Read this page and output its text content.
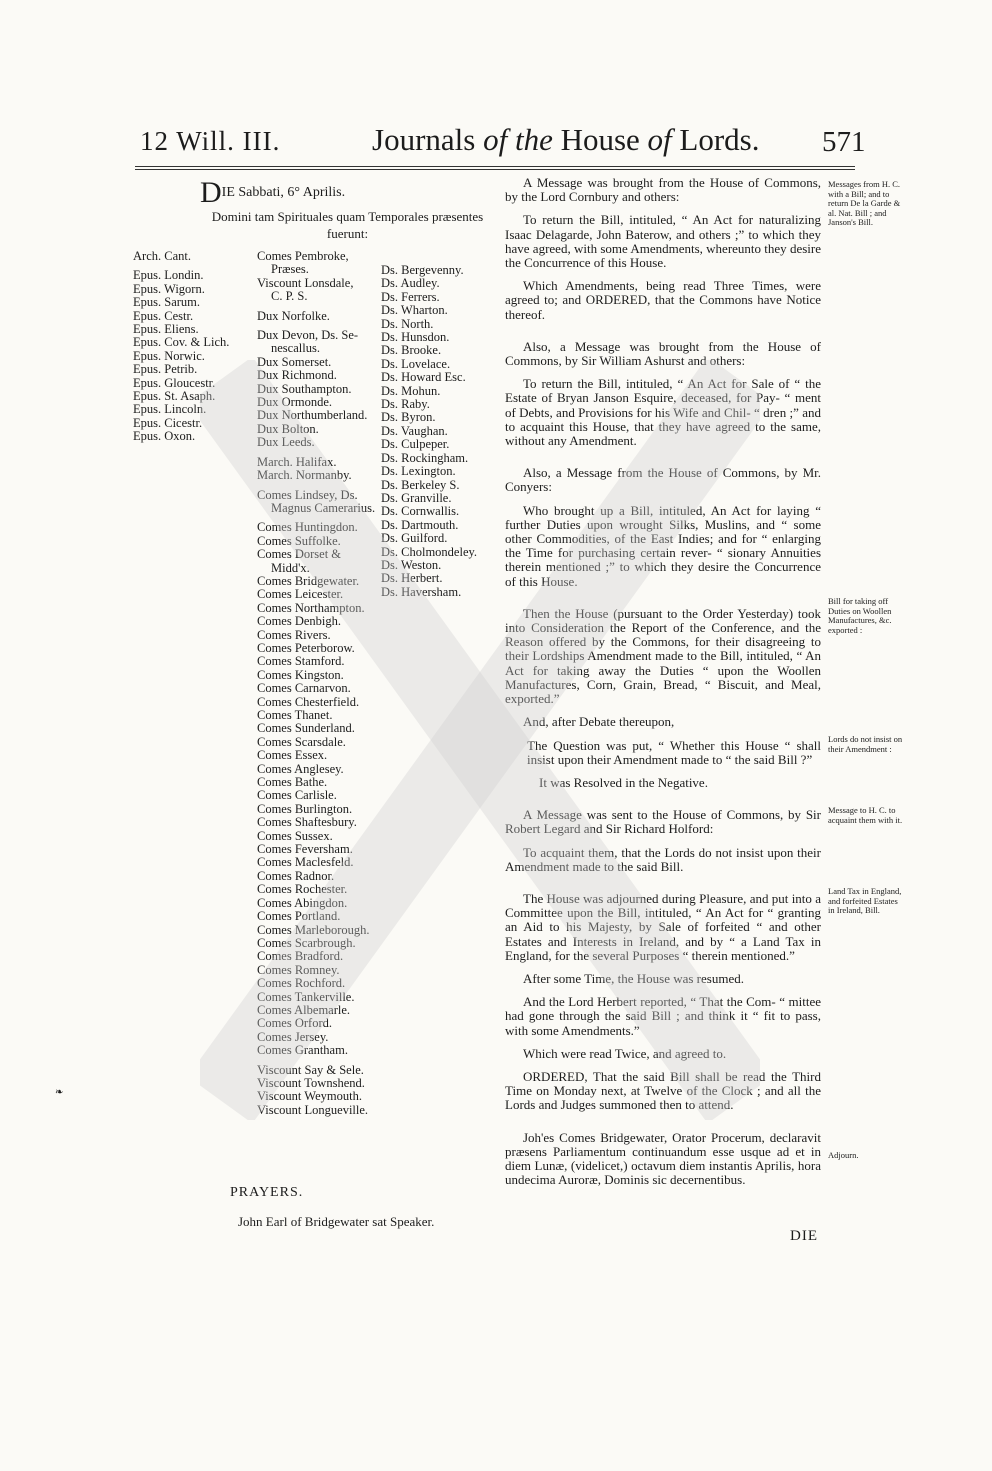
12 Will. III.	Journals of the House of Lords. 571
DIE Sabbati, 6° Aprilis.
Domini tam Spirituales quam Temporales præsentes fuerunt:
Arch. Cant.
Epus. Londin.
Epus. Wigorn.
Epus. Sarum.
Epus. Cestr.
Epus. Eliens.
Epus. Cov. & Lich.
Epus. Norwic.
Epus. Petrib.
Epus. Gloucestr.
Epus. St. Asaph.
Epus. Lincoln.
Epus. Cicestr.
Epus. Oxon.
Comes Pembroke,
Præses.
Viscount Lonsdale,
C. P. S.
Dux Norfolke.
Dux Devon, Ds. Se-
nescallus.
Dux Somerset.
Dux Richmond.
Dux Southampton.
Dux Ormonde.
Dux Northumberland.
Dux Bolton.
Dux Leeds.
March. Halifax.
March. Normanby.
Comes Lindsey, Ds.
Magnus Camerarius.
Comes Huntingdon.
Comes Suffolke.
Comes Dorset &
Midd'x.
Comes Bridgewater.
Comes Leicester.
Comes Northampton.
Comes Denbigh.
Comes Rivers.
Comes Peterborow.
Comes Stamford.
Comes Kingston.
Comes Carnarvon.
Comes Chesterfield.
Comes Thanet.
Comes Sunderland.
Comes Scarsdale.
Comes Essex.
Comes Anglesey.
Comes Bathe.
Comes Carlisle.
Comes Burlington.
Comes Shaftesbury.
Comes Sussex.
Comes Feversham.
Comes Maclesfeld.
Comes Radnor.
Comes Rochester.
Comes Abingdon.
Comes Portland.
Comes Marleborough.
Comes Scarbrough.
Comes Bradford.
Comes Romney.
Comes Rochford.
Comes Tankerville.
Comes Albemarle.
Comes Orford.
Comes Jersey.
Comes Grantham.
Viscount Say & Sele.
Viscount Townshend.
Viscount Weymouth.
Viscount Longueville.
Ds. Bergevenny.
Ds. Audley.
Ds. Ferrers.
Ds. Wharton.
Ds. North.
Ds. Hunsdon.
Ds. Brooke.
Ds. Lovelace.
Ds. Howard Esc.
Ds. Mohun.
Ds. Raby.
Ds. Byron.
Ds. Vaughan.
Ds. Culpeper.
Ds. Rockingham.
Ds. Lexington.
Ds. Berkeley S.
Ds. Granville.
Ds. Cornwallis.
Ds. Dartmouth.
Ds. Guilford.
Ds. Cholmondeley.
Ds. Weston.
Ds. Herbert.
Ds. Haversham.
PRAYERS.
John Earl of Bridgewater sat Speaker.

A Message was brought from the House of Commons, by the Lord Cornbury and others:

To return the Bill, intituled, “ An Act for naturalizing Isaac Delagarde, John Baterow, and others ;” to which they have agreed, with some Amendments, whereunto they desire the Concurrence of this House.

Which Amendments, being read Three Times, were agreed to; and ORDERED, that the Commons have Notice thereof.

Also, a Message was brought from the House of Commons, by Sir William Ashurst and others:

To return the Bill, intituled, “ An Act for Sale of “ the Estate of Bryan Janson Esquire, deceased, for Pay- “ ment of Debts, and Provisions for his Wife and Chil- “ dren ;” and to acquaint this House, that they have agreed to the same, without any Amendment.

Also, a Message from the House of Commons, by Mr. Conyers:

Who brought up a Bill, intituled, An Act for laying “ further Duties upon wrought Silks, Muslins, and “ some other Commodities, of the East Indies; and for “ enlarging the Time for purchasing certain rever- “ sionary Annuities therein mentioned ;” to which they desire the Concurrence of this House.

Then the House (pursuant to the Order Yesterday) took into Consideration the Report of the Conference, and the Reason offered by the Commons, for their disagreeing to their Lordships Amendment made to the Bill, intituled, “ An Act for taking away the Duties “ upon the Woollen Manufactures, Corn, Grain, Bread, “ Biscuit, and Meal, exported.”

And, after Debate thereupon,

The Question was put, “ Whether this House “ shall insist upon their Amendment made to “ the said Bill ?”

It was Resolved in the Negative.

A Message was sent to the House of Commons, by Sir Robert Legard and Sir Richard Holford:

To acquaint them, that the Lords do not insist upon their Amendment made to the said Bill.

The House was adjourned during Pleasure, and put into a Committee upon the Bill, intituled, “ An Act for “ granting an Aid to his Majesty, by Sale of forfeited “ and other Estates and Interests in Ireland, and by “ a Land Tax in England, for the several Purposes “ therein mentioned.”

After some Time, the House was resumed.

And the Lord Herbert reported, “ That the Com- “ mittee had gone through the said Bill ; and think it “ fit to pass, with some Amendments.”

Which were read Twice, and agreed to.

ORDERED, That the said Bill shall be read the Third Time on Monday next, at Twelve of the Clock ; and all the Lords and Judges summoned then to attend.

Joh'es Comes Bridgewater, Orator Procerum, declaravit præsens Parliamentum continuandum esse usque ad et in diem Lunæ, (videlicet,) octavum diem instantis Aprilis, hora undecima Auroræ, Dominis sic decernentibus.

Messages from H. C. with a Bill; and to return De la Garde & al. Nat. Bill ; and Janson's Bill.
Bill for taking off Duties on Woollen Manufactures, &c. exported :
Lords do not insist on their Amendment :
Message to H. C. to acquaint them with it.
Land Tax in England, and forfeited Estates in Ireland, Bill.
Adjourn.
DIE
❧
